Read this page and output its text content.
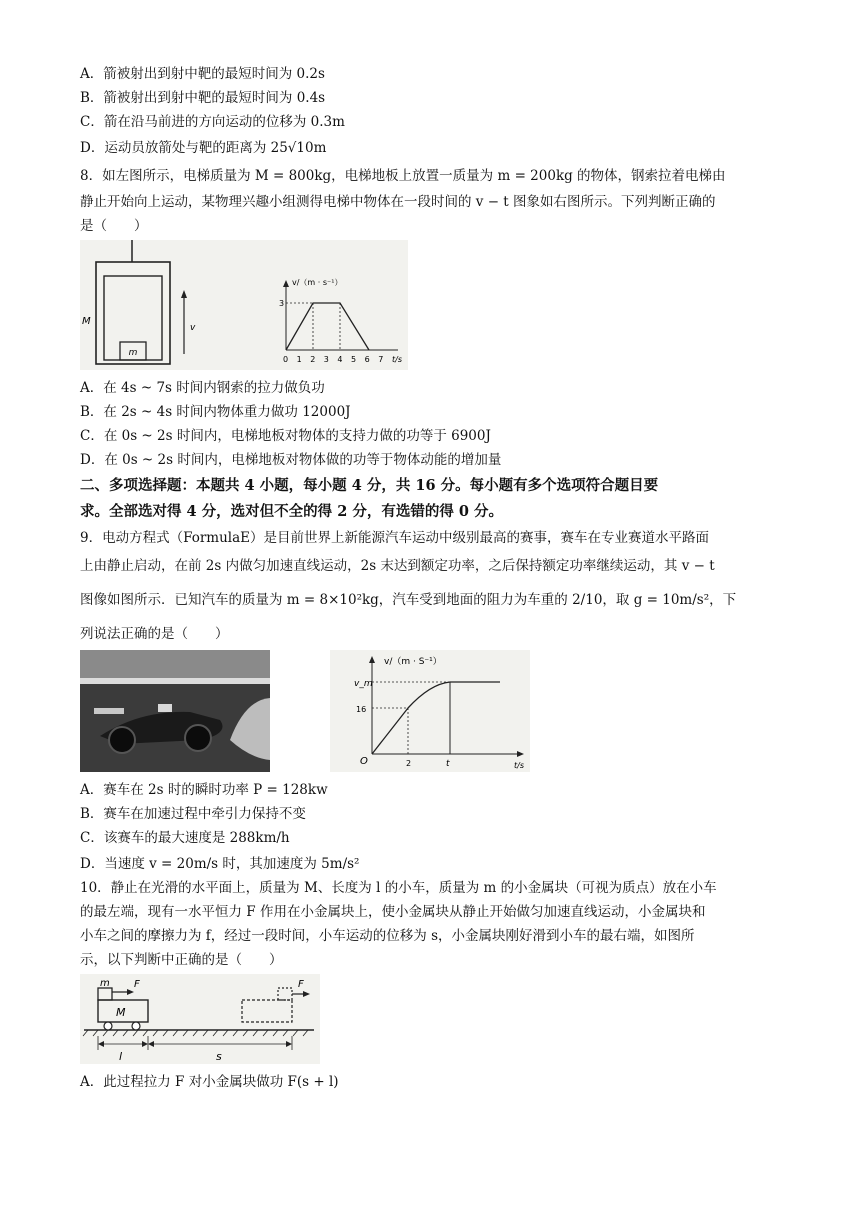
A．箭被射出到射中靶的最短时间为 0.2s
B．箭被射出到射中靶的最短时间为 0.4s
C．箭在沿马前进的方向运动的位移为 0.3m
D．运动员放箭处与靶的距离为 25√10m
8．如左图所示，电梯质量为 M = 800kg，电梯地板上放置一质量为 m = 200kg 的物体，钢索拉着电梯由
静止开始向上运动，某物理兴趣小组测得电梯中物体在一段时间的 v − t 图象如右图所示。下列判断正确的
是（　　）
m
M
v
v/（m · s⁻¹）
3
0 1 2 3 4 5 6 7 t/s
A．在 4s ~ 7s 时间内钢索的拉力做负功
B．在 2s ~ 4s 时间内物体重力做功 12000J
C．在 0s ~ 2s 时间内，电梯地板对物体的支持力做的功等于 6900J
D．在 0s ~ 2s 时间内，电梯地板对物体做的功等于物体动能的增加量
二、多项选择题：本题共 4 小题，每小题 4 分，共 16 分。每小题有多个选项符合题目要
求。全部选对得 4 分，选对但不全的得 2 分，有选错的得 0 分。
9．电动方程式（FormulaE）是目前世界上新能源汽车运动中级别最高的赛事，赛车在专业赛道水平路面
上由静止启动，在前 2s 内做匀加速直线运动，2s 末达到额定功率，之后保持额定功率继续运动，其 v − t
图像如图所示．已知汽车的质量为 m = 8×10²kg，汽车受到地面的阻力为车重的 2/10，取 g = 10m/s²，下
列说法正确的是（　　）
v/（m · S⁻¹）
v_m
16
O	2	t	t/s
A．赛车在 2s 时的瞬时功率 P = 128kw
B．赛车在加速过程中牵引力保持不变
C．该赛车的最大速度是 288km/h
D．当速度 v = 20m/s 时，其加速度为 5m/s²
10．静止在光滑的水平面上，质量为 M、长度为 l 的小车，质量为 m 的小金属块（可视为质点）放在小车
的最左端，现有一水平恒力 F 作用在小金属块上，使小金属块从静止开始做匀加速直线运动，小金属块和
小车之间的摩擦力为 f，经过一段时间，小车运动的位移为 s，小金属块刚好滑到小车的最右端，如图所
示，以下判断中正确的是（　　）
m F
M
F
l	s
A．此过程拉力 F 对小金属块做功 F(s + l)
